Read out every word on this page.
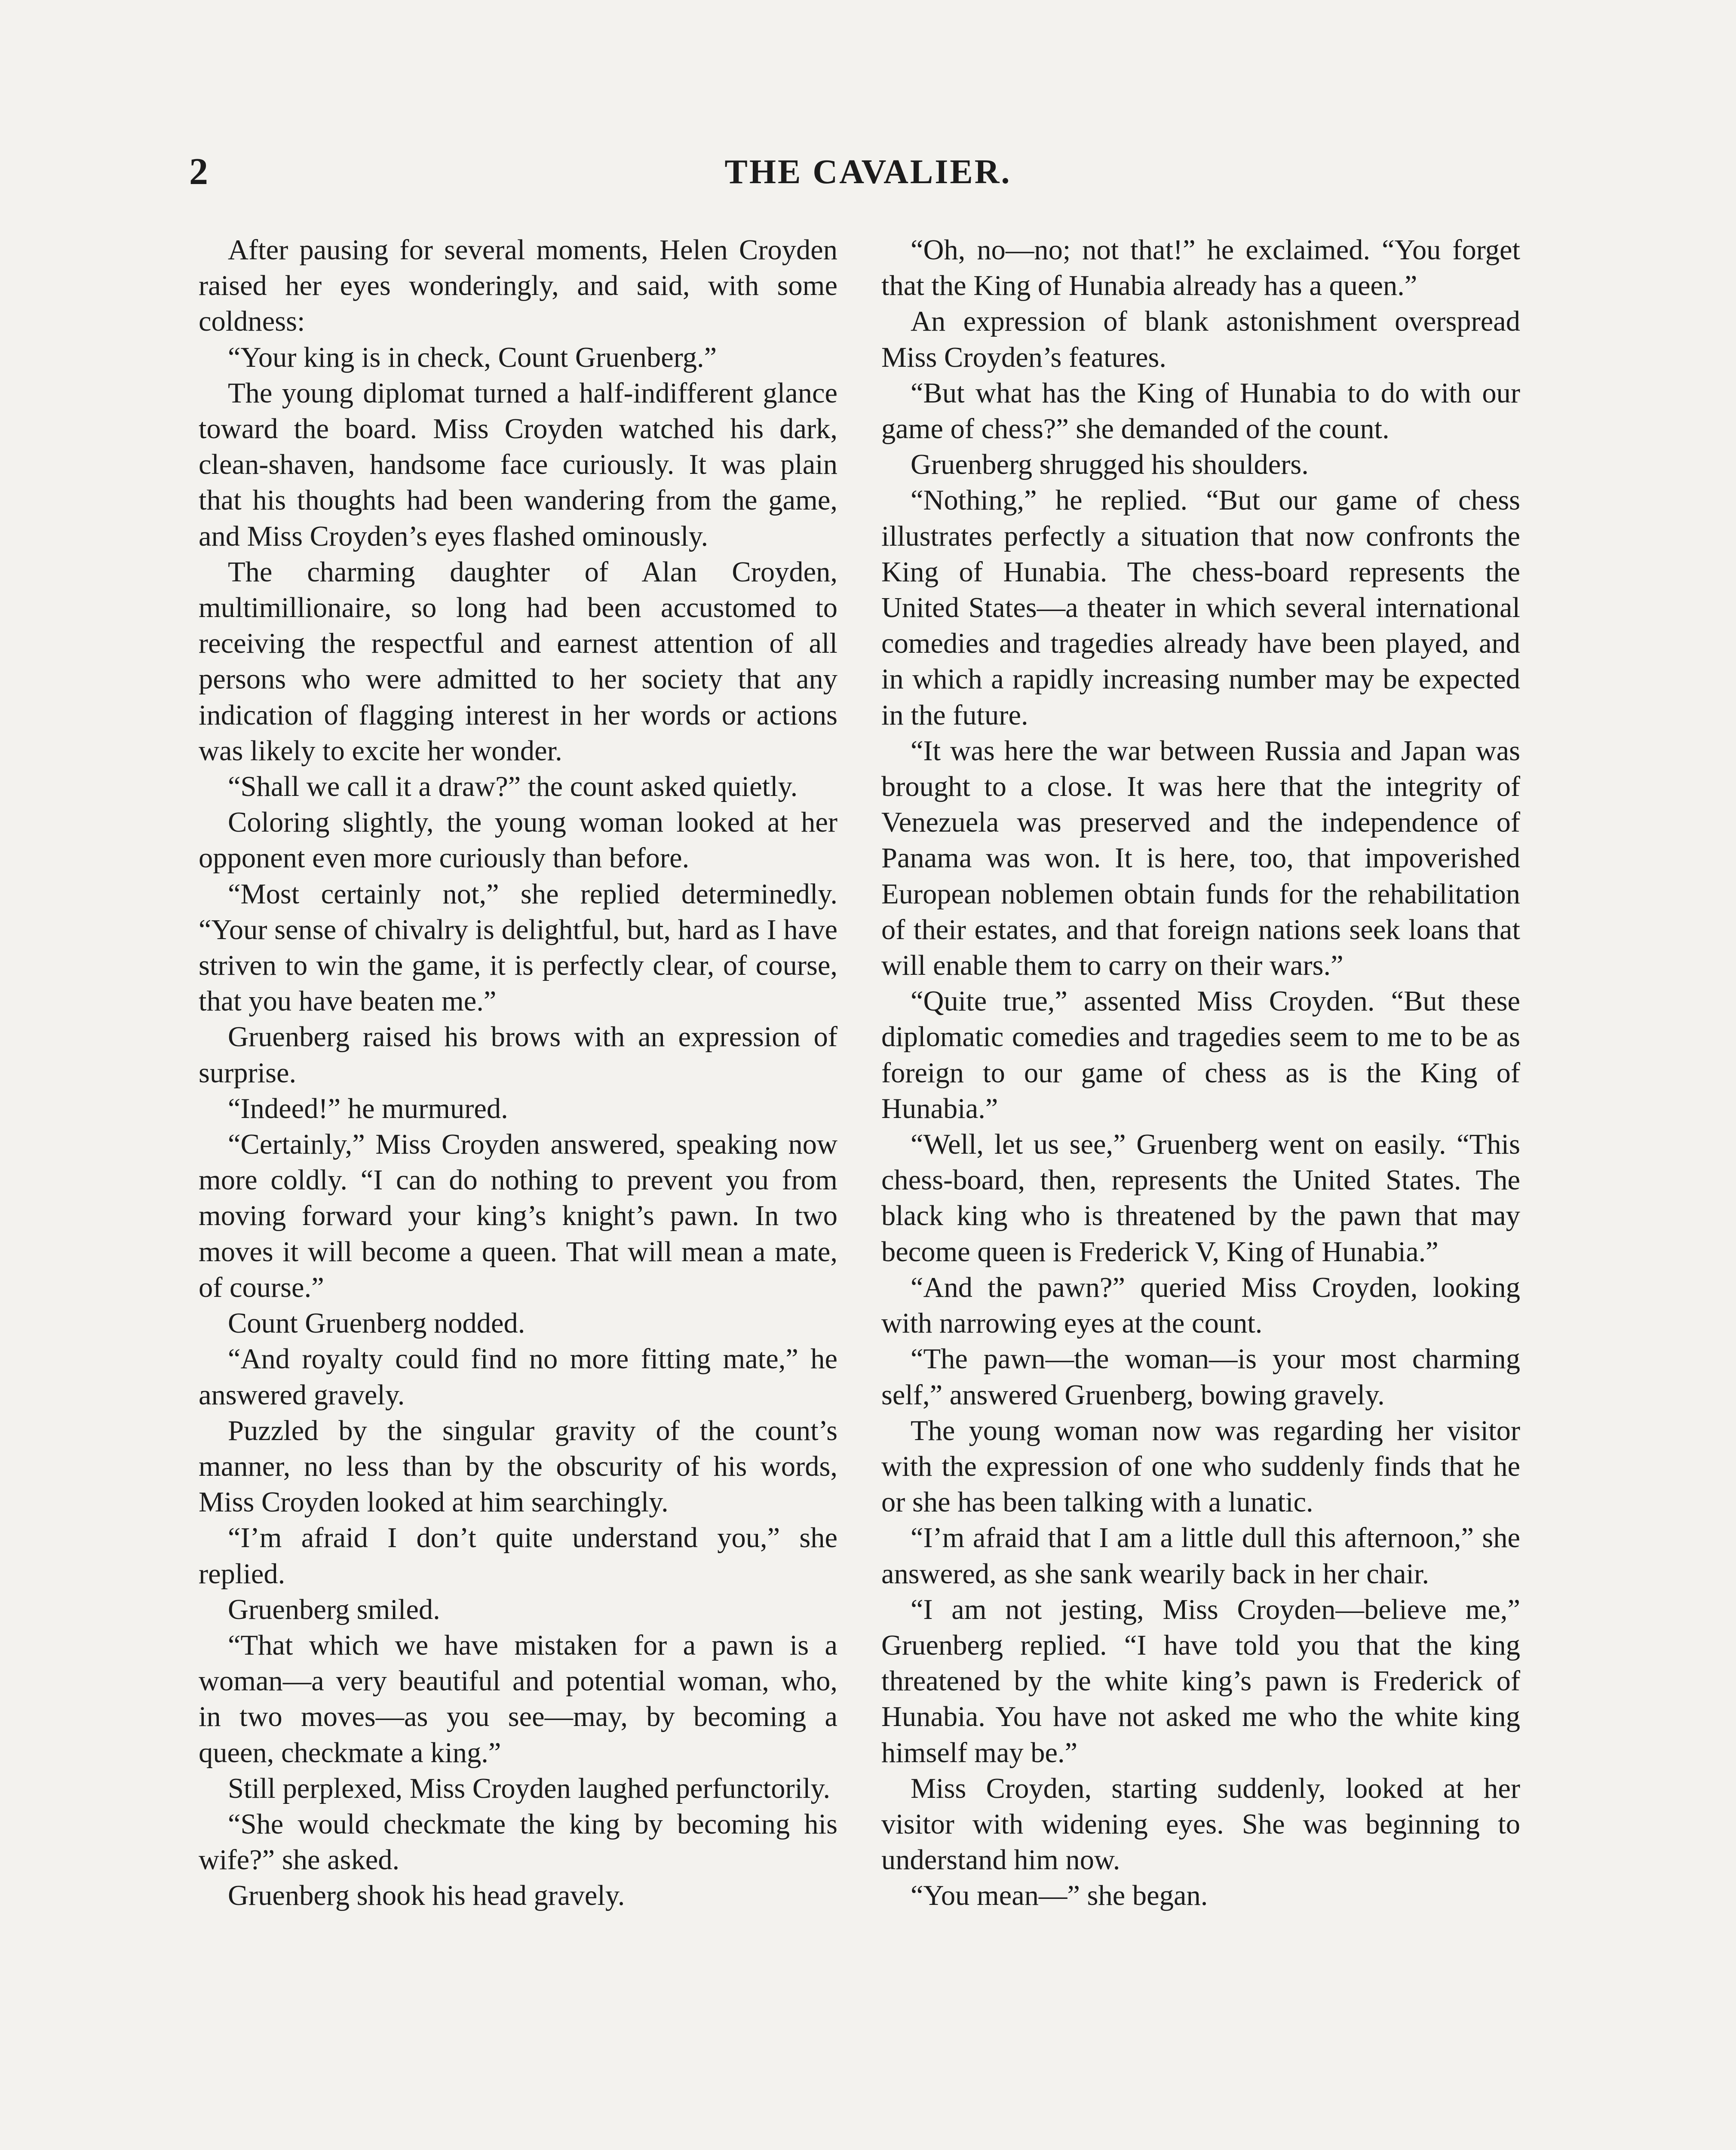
2	THE CAVALIER.

After pausing for several moments, Helen Croyden raised her eyes wonderingly, and said, with some coldness:

“Your king is in check, Count Gruenberg.”

The young diplomat turned a half-indifferent glance toward the board. Miss Croyden watched his dark, clean-shaven, handsome face curiously. It was plain that his thoughts had been wandering from the game, and Miss Croyden’s eyes flashed ominously.

The charming daughter of Alan Croyden, multimillionaire, so long had been accustomed to receiving the respectful and earnest attention of all persons who were admitted to her society that any indication of flagging interest in her words or actions was likely to excite her wonder.

“Shall we call it a draw?” the count asked quietly.

Coloring slightly, the young woman looked at her opponent even more curiously than before.

“Most certainly not,” she replied determinedly. “Your sense of chivalry is delightful, but, hard as I have striven to win the game, it is perfectly clear, of course, that you have beaten me.”

Gruenberg raised his brows with an expression of surprise.

“Indeed!” he murmured.

“Certainly,” Miss Croyden answered, speaking now more coldly. “I can do nothing to prevent you from moving forward your king’s knight’s pawn. In two moves it will become a queen. That will mean a mate, of course.”

Count Gruenberg nodded.

“And royalty could find no more fitting mate,” he answered gravely.

Puzzled by the singular gravity of the count’s manner, no less than by the obscurity of his words, Miss Croyden looked at him searchingly.

“I’m afraid I don’t quite understand you,” she replied.

Gruenberg smiled.

“That which we have mistaken for a pawn is a woman—a very beautiful and potential woman, who, in two moves—as you see—may, by becoming a queen, checkmate a king.”

Still perplexed, Miss Croyden laughed perfunctorily.

“She would checkmate the king by becoming his wife?” she asked.

Gruenberg shook his head gravely.

“Oh, no—no; not that!” he exclaimed. “You forget that the King of Hunabia already has a queen.”

An expression of blank astonishment overspread Miss Croyden’s features.

“But what has the King of Hunabia to do with our game of chess?” she demanded of the count.

Gruenberg shrugged his shoulders.

“Nothing,” he replied. “But our game of chess illustrates perfectly a situation that now confronts the King of Hunabia. The chess-board represents the United States—a theater in which several international comedies and tragedies already have been played, and in which a rapidly increasing number may be expected in the future.

“It was here the war between Russia and Japan was brought to a close. It was here that the integrity of Venezuela was preserved and the independence of Panama was won. It is here, too, that impoverished European noblemen obtain funds for the rehabilitation of their estates, and that foreign nations seek loans that will enable them to carry on their wars.”

“Quite true,” assented Miss Croyden. “But these diplomatic comedies and tragedies seem to me to be as foreign to our game of chess as is the King of Hunabia.”

“Well, let us see,” Gruenberg went on easily. “This chess-board, then, represents the United States. The black king who is threatened by the pawn that may become queen is Frederick V, King of Hunabia.”

“And the pawn?” queried Miss Croyden, looking with narrowing eyes at the count.

“The pawn—the woman—is your most charming self,” answered Gruenberg, bowing gravely.

The young woman now was regarding her visitor with the expression of one who suddenly finds that he or she has been talking with a lunatic.

“I’m afraid that I am a little dull this afternoon,” she answered, as she sank wearily back in her chair.

“I am not jesting, Miss Croyden—believe me,” Gruenberg replied. “I have told you that the king threatened by the white king’s pawn is Frederick of Hunabia. You have not asked me who the white king himself may be.”

Miss Croyden, starting suddenly, looked at her visitor with widening eyes. She was beginning to understand him now.

“You mean—” she began.
